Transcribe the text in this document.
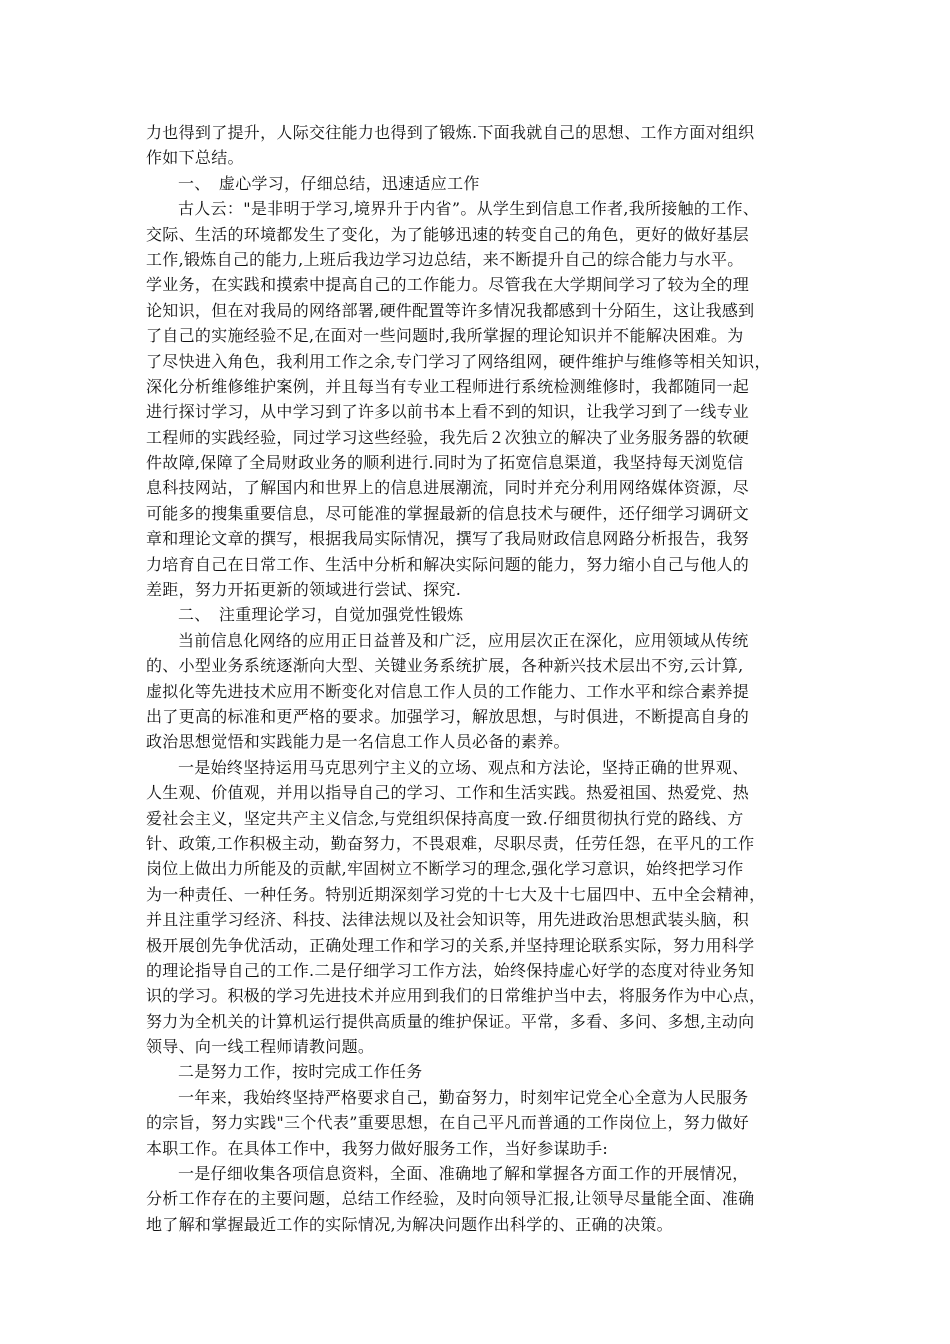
力也得到了提升，人际交往能力也得到了锻炼.下面我就自己的思想、工作方面对组织
作如下总结。
一、　虚心学习，仔细总结，迅速适应工作
古人云："是非明于学习,境界升于内省”。从学生到信息工作者,我所接触的工作、
交际、生活的环境都发生了变化，为了能够迅速的转变自己的角色，更好的做好基层
工作,锻炼自己的能力,上班后我边学习边总结，来不断提升自己的综合能力与水平。
学业务，在实践和摸索中提高自己的工作能力。尽管我在大学期间学习了较为全的理
论知识，但在对我局的网络部署,硬件配置等许多情况我都感到十分陌生，这让我感到
了自己的实施经验不足,在面对一些问题时,我所掌握的理论知识并不能解决困难。为
了尽快进入角色，我利用工作之余,专门学习了网络组网，硬件维护与维修等相关知识，
深化分析维修维护案例，并且每当有专业工程师进行系统检测维修时，我都随同一起
进行探讨学习，从中学习到了许多以前书本上看不到的知识，让我学习到了一线专业
工程师的实践经验，同过学习这些经验，我先后２次独立的解决了业务服务器的软硬
件故障,保障了全局财政业务的顺利进行.同时为了拓宽信息渠道，我坚持每天浏览信
息科技网站，了解国内和世界上的信息进展潮流，同时并充分利用网络媒体资源，尽
可能多的搜集重要信息，尽可能准的掌握最新的信息技术与硬件，还仔细学习调研文
章和理论文章的撰写，根据我局实际情况，撰写了我局财政信息网路分析报告，我努
力培育自己在日常工作、生活中分析和解决实际问题的能力，努力缩小自己与他人的
差距，努力开拓更新的领域进行尝试、探究.
二、　注重理论学习，自觉加强党性锻炼
当前信息化网络的应用正日益普及和广泛，应用层次正在深化，应用领域从传统
的、小型业务系统逐渐向大型、关键业务系统扩展，各种新兴技术层出不穷,云计算,
虚拟化等先进技术应用不断变化对信息工作人员的工作能力、工作水平和综合素养提
出了更高的标准和更严格的要求。加强学习，解放思想，与时俱进，不断提高自身的
政治思想觉悟和实践能力是一名信息工作人员必备的素养。
一是始终坚持运用马克思列宁主义的立场、观点和方法论，坚持正确的世界观、
人生观、价值观，并用以指导自己的学习、工作和生活实践。热爱祖国、热爱党、热
爱社会主义，坚定共产主义信念,与党组织保持高度一致.仔细贯彻执行党的路线、方
针、政策,工作积极主动，勤奋努力，不畏艰难，尽职尽责，任劳任怨，在平凡的工作
岗位上做出力所能及的贡献,牢固树立不断学习的理念,强化学习意识，始终把学习作
为一种责任、一种任务。特别近期深刻学习党的十七大及十七届四中、五中全会精神，
并且注重学习经济、科技、法律法规以及社会知识等，用先进政治思想武装头脑，积
极开展创先争优活动，正确处理工作和学习的关系,并坚持理论联系实际，努力用科学
的理论指导自己的工作.二是仔细学习工作方法，始终保持虚心好学的态度对待业务知
识的学习。积极的学习先进技术并应用到我们的日常维护当中去，将服务作为中心点，
努力为全机关的计算机运行提供高质量的维护保证。平常，多看、多问、多想,主动向
领导、向一线工程师请教问题。
二是努力工作，按时完成工作任务
一年来，我始终坚持严格要求自己，勤奋努力，时刻牢记党全心全意为人民服务
的宗旨，努力实践"三个代表”重要思想，在自己平凡而普通的工作岗位上，努力做好
本职工作。在具体工作中，我努力做好服务工作，当好参谋助手:
一是仔细收集各项信息资料，全面、准确地了解和掌握各方面工作的开展情况，
分析工作存在的主要问题，总结工作经验，及时向领导汇报,让领导尽量能全面、准确
地了解和掌握最近工作的实际情况,为解决问题作出科学的、正确的决策。
